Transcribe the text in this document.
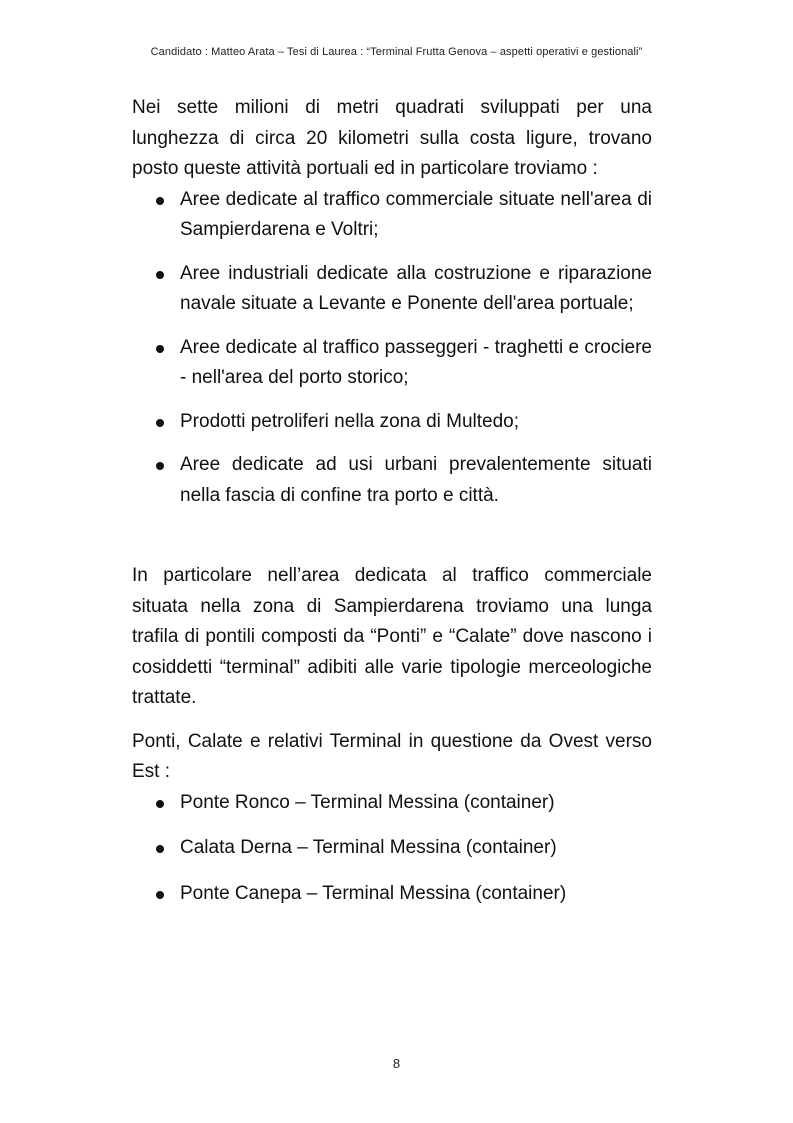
Candidato : Matteo Arata – Tesi di Laurea : “Terminal Frutta Genova – aspetti operativi e gestionali”

Nei sette milioni di metri quadrati sviluppati per una lunghezza di circa 20 kilometri sulla costa ligure, trovano posto queste attività portuali ed in particolare troviamo :

Aree dedicate al traffico commerciale situate nell'area di Sampierdarena e Voltri;
Aree industriali dedicate alla costruzione e riparazione navale situate a Levante e Ponente dell'area portuale;
Aree dedicate al traffico passeggeri - traghetti e crociere - nell'area del porto storico;
Prodotti petroliferi nella zona di Multedo;
Aree dedicate ad usi urbani prevalentemente situati nella fascia di confine tra porto e città.

In particolare nell’area dedicata al traffico commerciale situata nella zona di Sampierdarena troviamo una lunga trafila di pontili composti da “Ponti” e “Calate” dove nascono i cosiddetti “terminal” adibiti alle varie tipologie merceologiche trattate.

Ponti, Calate e relativi Terminal in questione da Ovest verso Est :

Ponte Ronco – Terminal Messina (container)
Calata Derna – Terminal Messina (container)
Ponte Canepa – Terminal Messina (container)
8
